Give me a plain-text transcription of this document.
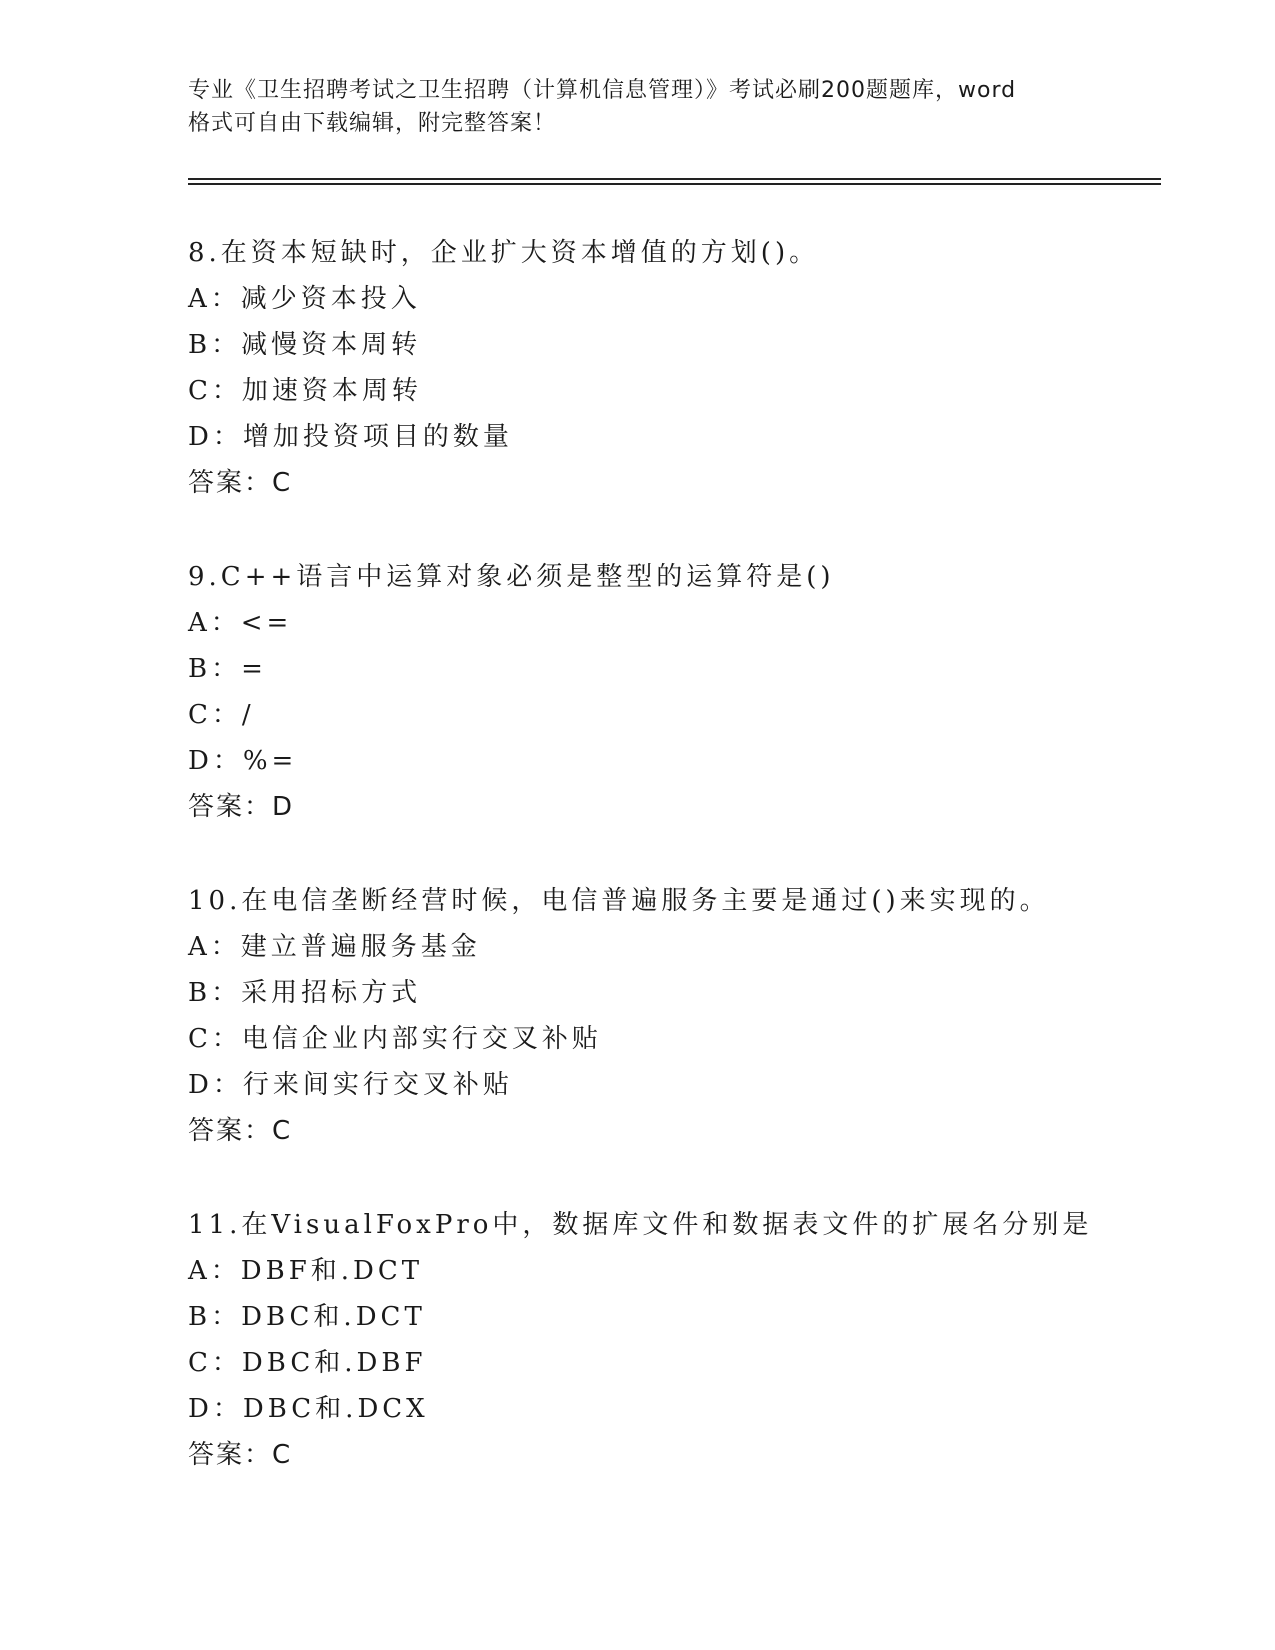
专业《卫生招聘考试之卫生招聘（计算机信息管理）》考试必刷200题题库，word
格式可自由下载编辑，附完整答案！
8.在资本短缺时，企业扩大资本增值的方划()。
A：减少资本投入
B：减慢资本周转
C：加速资本周转
D：增加投资项目的数量
答案：C
9.C++语言中运算对象必须是整型的运算符是()
A：<=
B：=
C：/
D：%=
答案：D
10.在电信垄断经营时候，电信普遍服务主要是通过()来实现的。
A：建立普遍服务基金
B：采用招标方式
C：电信企业内部实行交叉补贴
D：行来间实行交叉补贴
答案：C
11.在VisualFoxPro中，数据库文件和数据表文件的扩展名分别是
A：DBF和.DCT
B：DBC和.DCT
C：DBC和.DBF
D：DBC和.DCX
答案：C
